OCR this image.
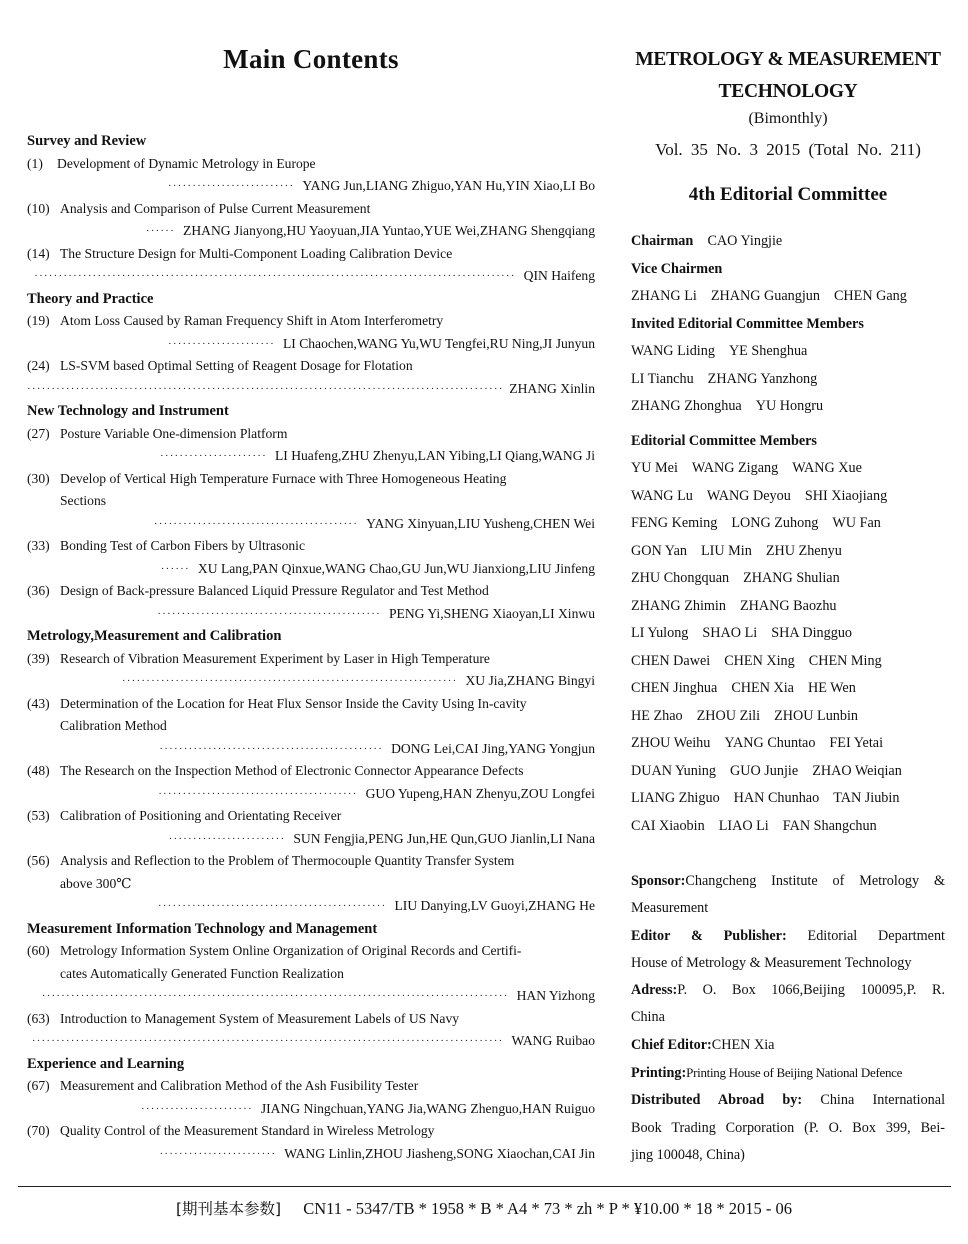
Main Contents
Survey and Review
(1)	Development of Dynamic Metrology in Europe
·························· YANG Jun,LIANG Zhiguo,YAN Hu,YIN Xiao,LI Bo
(10) Analysis and Comparison of Pulse Current Measurement
······ ZHANG Jianyong,HU Yaoyuan,JIA Yuntao,YUE Wei,ZHANG Shengqiang
(14) The Structure Design for Multi-Component Loading Calibration Device
··································································································· QIN Haifeng
Theory and Practice
(19) Atom Loss Caused by Raman Frequency Shift in Atom Interferometry
······················ LI Chaochen,WANG Yu,WU Tengfei,RU Ning,JI Junyun
(24) LS-SVM based Optimal Setting of Reagent Dosage for Flotation
·································································································· ZHANG Xinlin
New Technology and Instrument
(27) Posture Variable One-dimension Platform
······················ LI Huafeng,ZHU Zhenyu,LAN Yibing,LI Qiang,WANG Ji
(30) Develop of Vertical High Temperature Furnace with Three Homogeneous Heating
Sections
·········································· YANG Xinyuan,LIU Yusheng,CHEN Wei
(33) Bonding Test of Carbon Fibers by Ultrasonic
······ XU Lang,PAN Qinxue,WANG Chao,GU Jun,WU Jianxiong,LIU Jinfeng
(36) Design of Back-pressure Balanced Liquid Pressure Regulator and Test Method
·············································· PENG Yi,SHENG Xiaoyan,LI Xinwu
Metrology,Measurement and Calibration
(39) Research of Vibration Measurement Experiment by Laser in High Temperature
····································································· XU Jia,ZHANG Bingyi
(43) Determination of the Location for Heat Flux Sensor Inside the Cavity Using In-cavity
Calibration Method
·············································· DONG Lei,CAI Jing,YANG Yongjun
(48) The Research on the Inspection Method of Electronic Connector Appearance Defects
········································· GUO Yupeng,HAN Zhenyu,ZOU Longfei
(53) Calibration of Positioning and Orientating Receiver
························ SUN Fengjia,PENG Jun,HE Qun,GUO Jianlin,LI Nana
(56) Analysis and Reflection to the Problem of Thermocouple Quantity Transfer System
above 300℃
··············································· LIU Danying,LV Guoyi,ZHANG He
Measurement Information Technology and Management
(60) Metrology Information System Online Organization of Original Records and Certifi-
cates Automatically Generated Function Realization
································································································ HAN Yizhong
(63) Introduction to Management System of Measurement Labels of US Navy
································································································· WANG Ruibao
Experience and Learning
(67) Measurement and Calibration Method of the Ash Fusibility Tester
······················· JIANG Ningchuan,YANG Jia,WANG Zhenguo,HAN Ruiguo
(70) Quality Control of the Measurement Standard in Wireless Metrology
························ WANG Linlin,ZHOU Jiasheng,SONG Xiaochan,CAI Jin
METROLOGY & MEASUREMENT
TECHNOLOGY
(Bimonthly)
Vol. 35 No. 3 2015 (Total No. 211)
4th Editorial Committee
Chairman CAO Yingjie
Vice Chairmen
ZHANG Li ZHANG Guangjun CHEN Gang
Invited Editorial Committee Members
WANG Liding YE Shenghua
LI Tianchu ZHANG Yanzhong
ZHANG Zhonghua YU Hongru
Editorial Committee Members
YU Mei WANG Zigang WANG Xue
WANG Lu WANG Deyou SHI Xiaojiang
FENG Keming LONG Zuhong WU Fan
GON Yan LIU Min ZHU Zhenyu
ZHU Chongquan ZHANG Shulian
ZHANG Zhimin ZHANG Baozhu
LI Yulong SHAO Li SHA Dingguo
CHEN Dawei CHEN Xing CHEN Ming
CHEN Jinghua CHEN Xia HE Wen
HE Zhao ZHOU Zili ZHOU Lunbin
ZHOU Weihu YANG Chuntao FEI Yetai
DUAN Yuning GUO Junjie ZHAO Weiqian
LIANG Zhiguo HAN Chunhao TAN Jiubin
CAI Xiaobin LIAO Li FAN Shangchun
Sponsor:Changcheng Institute of Metrology &
Measurement
Editor & Publisher: Editorial Department
House of Metrology & Measurement Technology
Adress:P. O. Box 1066,Beijing 100095,P. R.
China
Chief Editor:CHEN Xia
Printing:Printing House of Beijing National Defence
Distributed Abroad by: China International
Book Trading Corporation (P. O. Box 399, Bei-
jing 100048, China)
[期刊基本参数] CN11 - 5347/TB * 1958 * B * A4 * 73 * zh * P * ¥10.00 * 18 * 2015 - 06
